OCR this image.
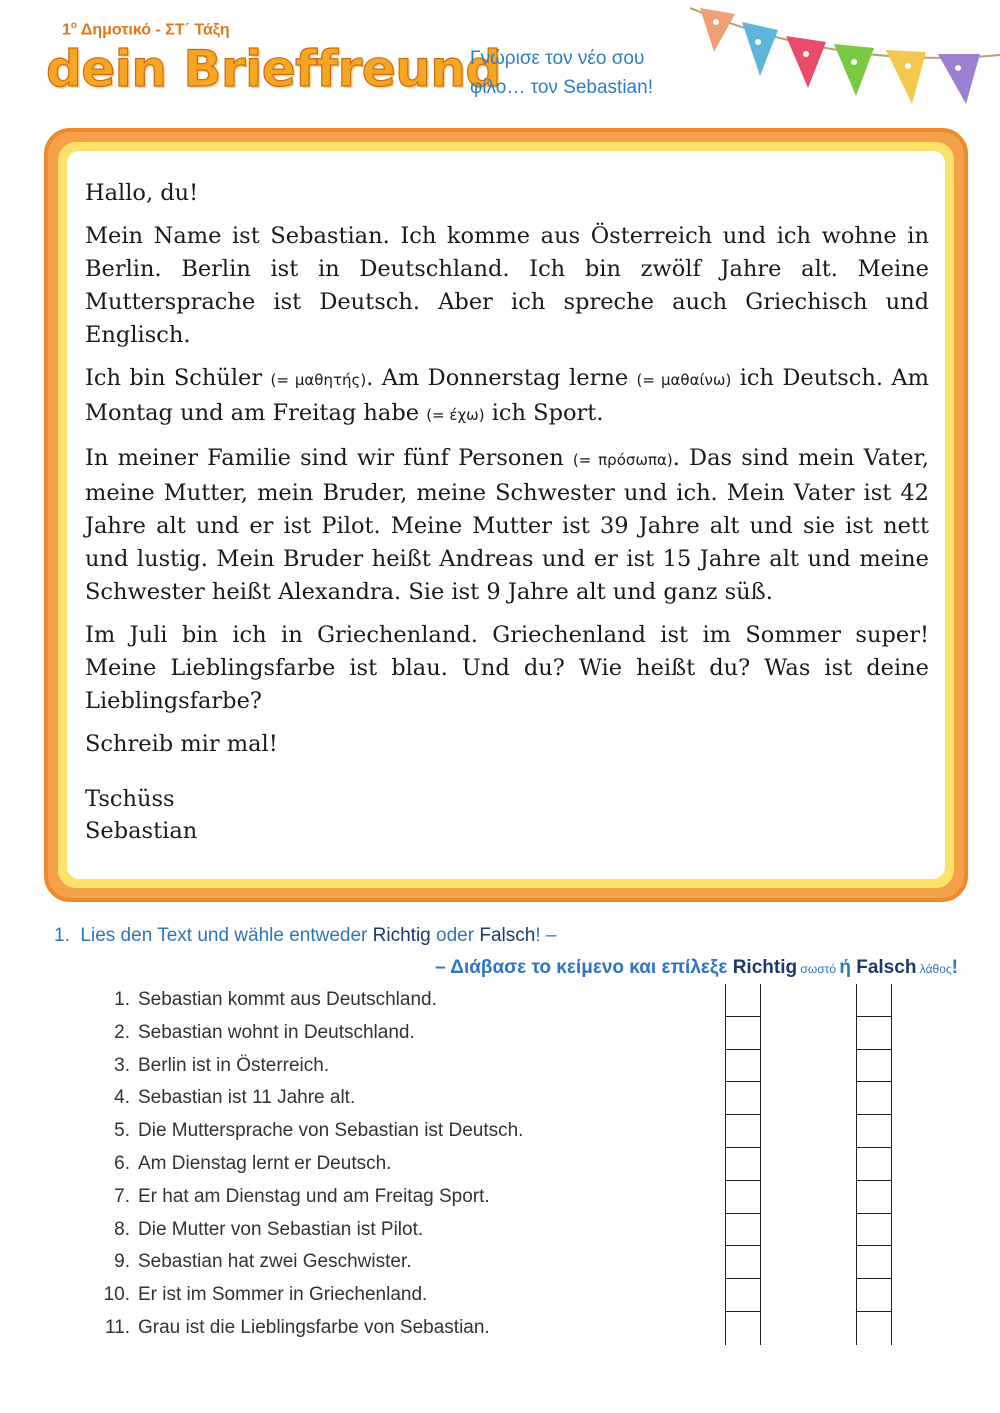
$1^o$ Δημοτικό - ΣΤ΄ Τάξη
dein Brieffreund
Γνώρισε τον νέο σου
φίλο… τον Sebastian!

Hallo, du!

Mein Name ist Sebastian. Ich komme aus Österreich und ich wohne in Berlin. Berlin ist in Deutschland. Ich bin zwölf Jahre alt. Meine Muttersprache ist Deutsch. Aber ich spreche auch Griechisch und Englisch.

Ich bin Schüler (= μαθητής). Am Donnerstag lerne (= μαθαίνω) ich Deutsch. Am Montag und am Freitag habe (= έχω) ich Sport.

In meiner Familie sind wir fünf Personen (= πρόσωπα). Das sind mein Vater, meine Mutter, mein Bruder, meine Schwester und ich. Mein Vater ist 42 Jahre alt und er ist Pilot. Meine Mutter ist 39 Jahre alt und sie ist nett und lustig. Mein Bruder heißt Andreas und er ist 15 Jahre alt und meine Schwester heißt Alexandra. Sie ist 9 Jahre alt und ganz süß.

Im Juli bin ich in Griechenland. Griechenland ist im Sommer super! Meine Lieblingsfarbe ist blau. Und du? Wie heißt du? Was ist deine Lieblingsfarbe?

Schreib mir mal!

Tschüss
Sebastian
1. Lies den Text und wähle entweder Richtig oder Falsch! –
– Διάβασε το κείμενο και επίλεξε Richtig σωστό ή Falsch λάθος!
1. Sebastian kommt aus Deutschland.
2. Sebastian wohnt in Deutschland.
3. Berlin ist in Österreich.
4. Sebastian ist 11 Jahre alt.
5. Die Muttersprache von Sebastian ist Deutsch.
6. Am Dienstag lernt er Deutsch.
7. Er hat am Dienstag und am Freitag Sport.
8. Die Mutter von Sebastian ist Pilot.
9. Sebastian hat zwei Geschwister.
10. Er ist im Sommer in Griechenland.
11. Grau ist die Lieblingsfarbe von Sebastian.
